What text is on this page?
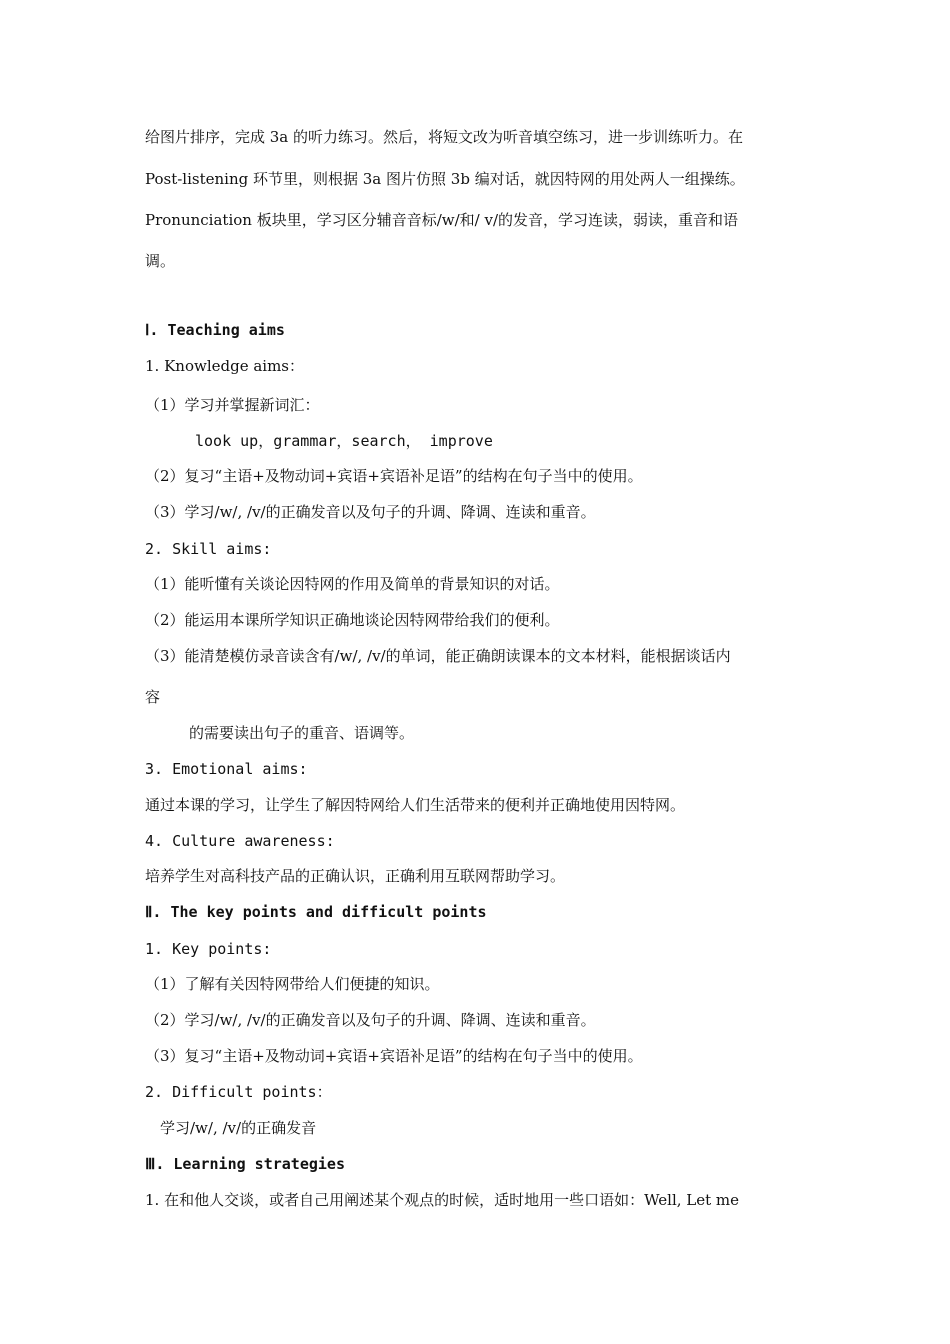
给图片排序，完成 3a 的听力练习。然后，将短文改为听音填空练习，进一步训练听力。在
Post-listening 环节里，则根据 3a 图片仿照 3b 编对话，就因特网的用处两人一组操练。
Pronunciation 板块里，学习区分辅音音标/w/和/ v/的发音，学习连读，弱读，重音和语
调。
Ⅰ. Teaching aims
1. Knowledge aims：
（1）学习并掌握新词汇：
look up，grammar，search， improve
（2）复习“主语+及物动词+宾语+宾语补足语”的结构在句子当中的使用。
（3）学习/w/, /v/的正确发音以及句子的升调、降调、连读和重音。
2. Skill aims:
（1）能听懂有关谈论因特网的作用及简单的背景知识的对话。
（2）能运用本课所学知识正确地谈论因特网带给我们的便利。
（3）能清楚模仿录音读含有/w/, /v/的单词，能正确朗读课本的文本材料，能根据谈话内
容
的需要读出句子的重音、语调等。
3. Emotional aims:
通过本课的学习，让学生了解因特网给人们生活带来的便利并正确地使用因特网。
4. Culture awareness:
培养学生对高科技产品的正确认识，正确利用互联网帮助学习。
Ⅱ. The key points and difficult points
1. Key points:
（1）了解有关因特网带给人们便捷的知识。
（2）学习/w/, /v/的正确发音以及句子的升调、降调、连读和重音。
（3）复习“主语+及物动词+宾语+宾语补足语”的结构在句子当中的使用。
2. Difficult points：
学习/w/, /v/的正确发音
Ⅲ. Learning strategies
1. 在和他人交谈，或者自己用阐述某个观点的时候，适时地用一些口语如：Well, Let me
